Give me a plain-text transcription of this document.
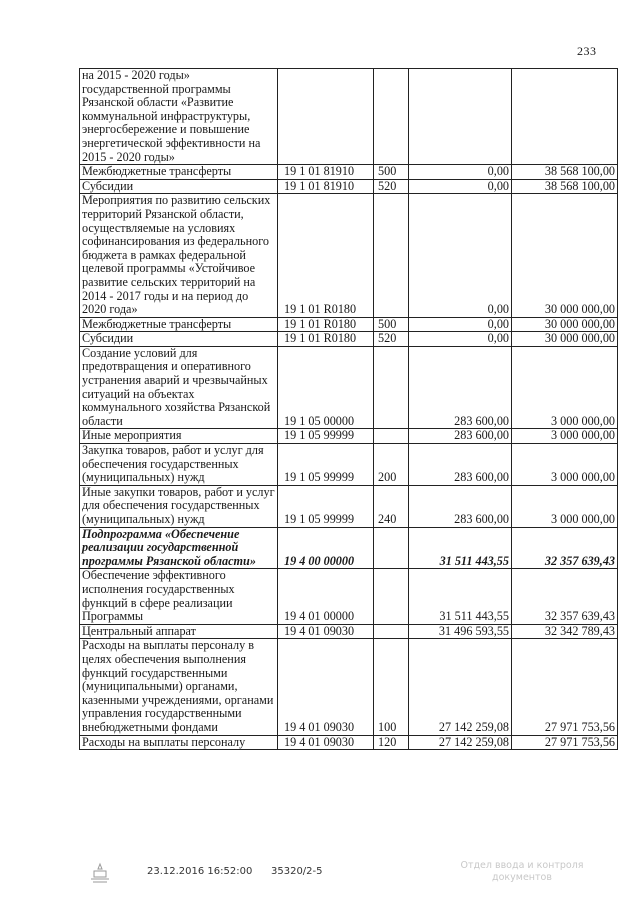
233
на 2015 - 2020 годы» государственной программы Рязанской области «Развитие коммунальной инфраструктуры, энергосбережение и повышение энергетической эффективности на 2015 - 2020 годы»				
Межбюджетные трансферты	19 1 01 81910	500	0,00	38 568 100,00
Субсидии	19 1 01 81910	520	0,00	38 568 100,00
Мероприятия по развитию сельских территорий Рязанской области, осуществляемые на условиях софинансирования из федерального бюджета в рамках федеральной целевой программы «Устойчивое развитие сельских территорий на 2014 - 2017 годы и на период до 2020 года»	19 1 01 R0180		0,00	30 000 000,00
Межбюджетные трансферты	19 1 01 R0180	500	0,00	30 000 000,00
Субсидии	19 1 01 R0180	520	0,00	30 000 000,00
Создание условий для предотвращения и оперативного устранения аварий и чрезвычайных ситуаций на объектах коммунального хозяйства Рязанской области	19 1 05 00000		283 600,00	3 000 000,00
Иные мероприятия	19 1 05 99999		283 600,00	3 000 000,00
Закупка товаров, работ и услуг для обеспечения государственных (муниципальных) нужд	19 1 05 99999	200	283 600,00	3 000 000,00
Иные закупки товаров, работ и услуг для обеспечения государственных (муниципальных) нужд	19 1 05 99999	240	283 600,00	3 000 000,00
Подпрограмма «Обеспечение реализации государственной программы Рязанской области»	19 4 00 00000		31 511 443,55	32 357 639,43
Обеспечение эффективного исполнения государственных функций в сфере реализации Программы	19 4 01 00000		31 511 443,55	32 357 639,43
Центральный аппарат	19 4 01 09030		31 496 593,55	32 342 789,43
Расходы на выплаты персоналу в целях обеспечения выполнения функций государственными (муниципальными) органами, казенными учреждениями, органами управления государственными внебюджетными фондами	19 4 01 09030	100	27 142 259,08	27 971 753,56
Расходы на выплаты персоналу	19 4 01 09030	120	27 142 259,08	27 971 753,56
23.12.2016 16:52:00 35320/2-5
Отдел ввода и контроля документов
